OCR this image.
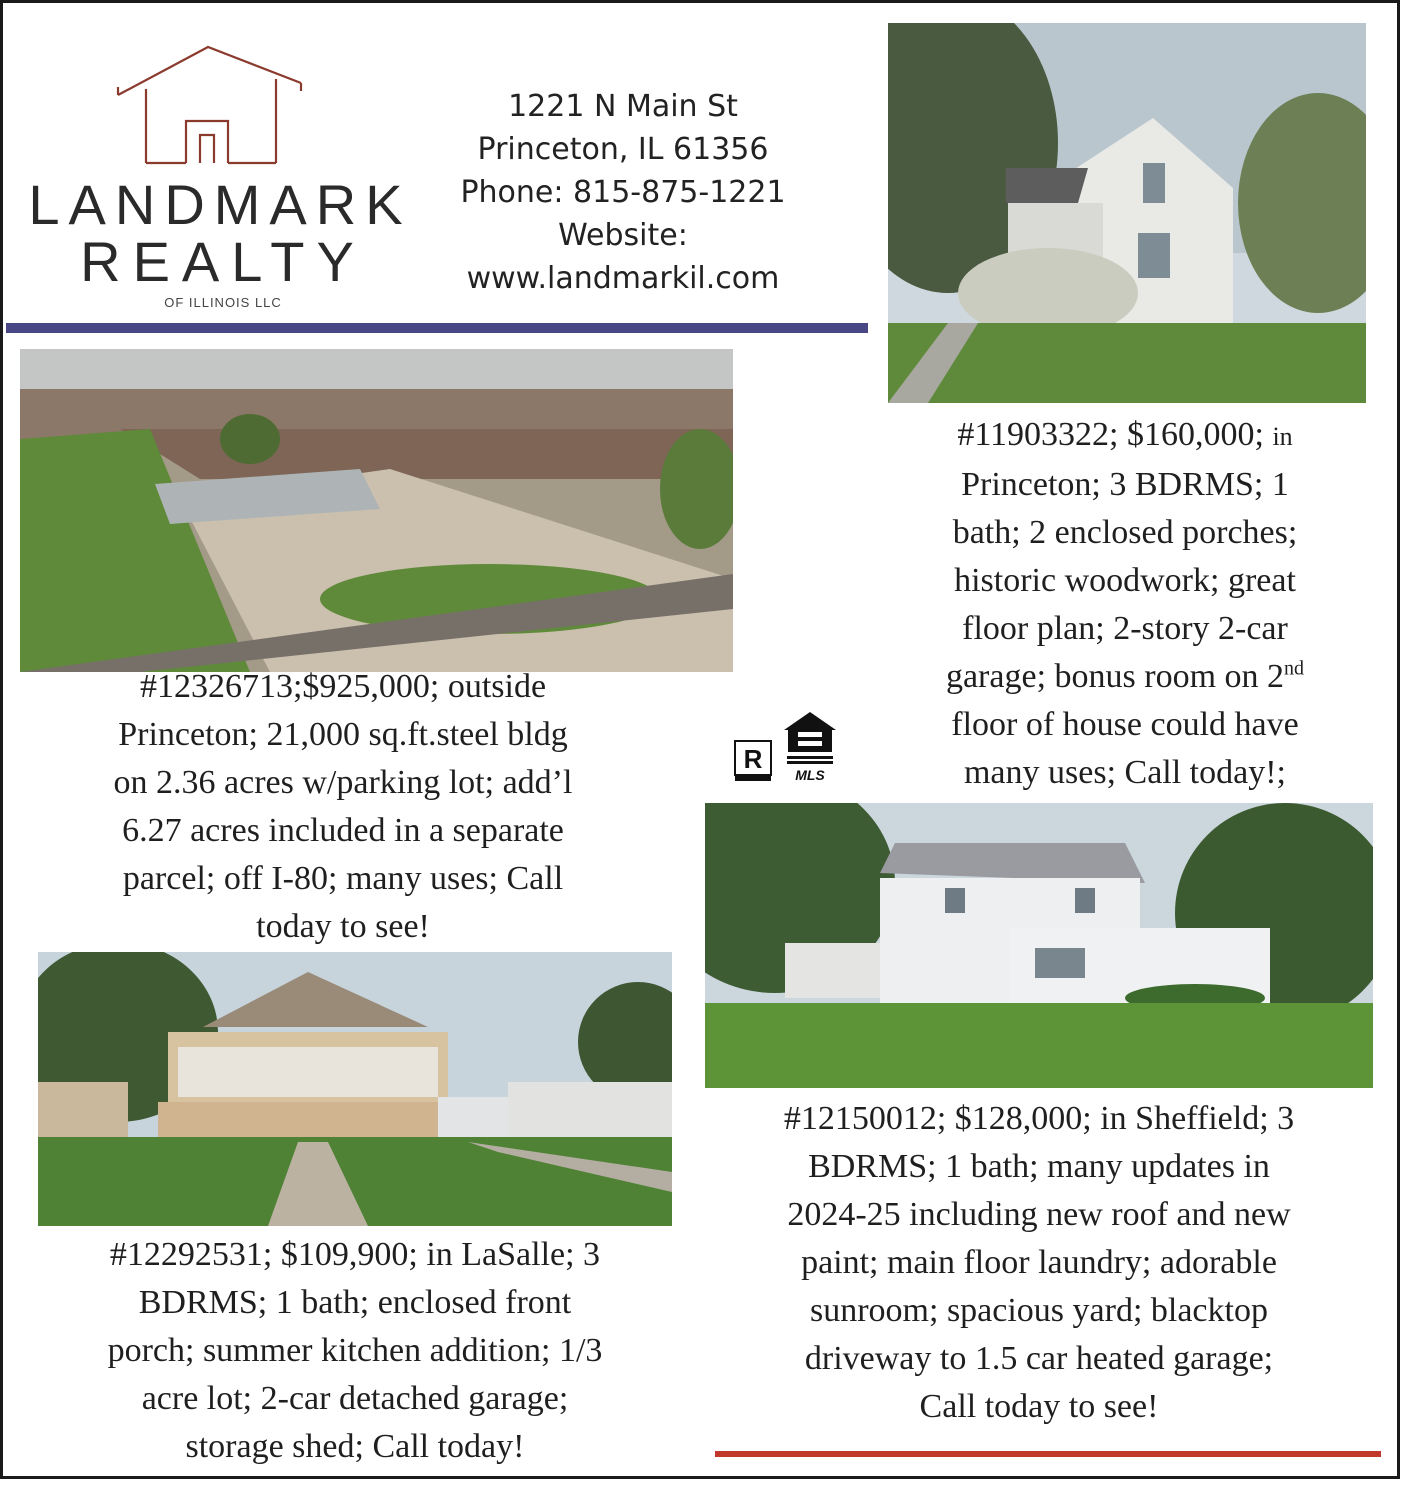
LANDMARK
REALTY
OF ILLINOIS LLC
1221 N Main St
Princeton, IL 61356
Phone: 815-875-1221
Website:
www.landmarkil.com
#11903322; $160,000; in
Princeton; 3 BDRMS; 1
bath; 2 enclosed porches;
historic woodwork; great
floor plan; 2-story 2-car
garage; bonus room on 2nd
floor of house could have
many uses; Call today!;
#12326713;$925,000; outside
Princeton; 21,000 sq.ft.steel bldg
on 2.36 acres w/parking lot; add’l
6.27 acres included in a separate
parcel; off I-80; many uses; Call
today to see!
R
MLS
#12292531; $109,900; in LaSalle; 3
BDRMS; 1 bath; enclosed front
porch; summer kitchen addition; 1/3
acre lot; 2-car detached garage;
storage shed; Call today!
#12150012; $128,000; in Sheffield; 3
BDRMS; 1 bath; many updates in
2024-25 including new roof and new
paint; main floor laundry; adorable
sunroom; spacious yard; blacktop
driveway to 1.5 car heated garage;
Call today to see!
